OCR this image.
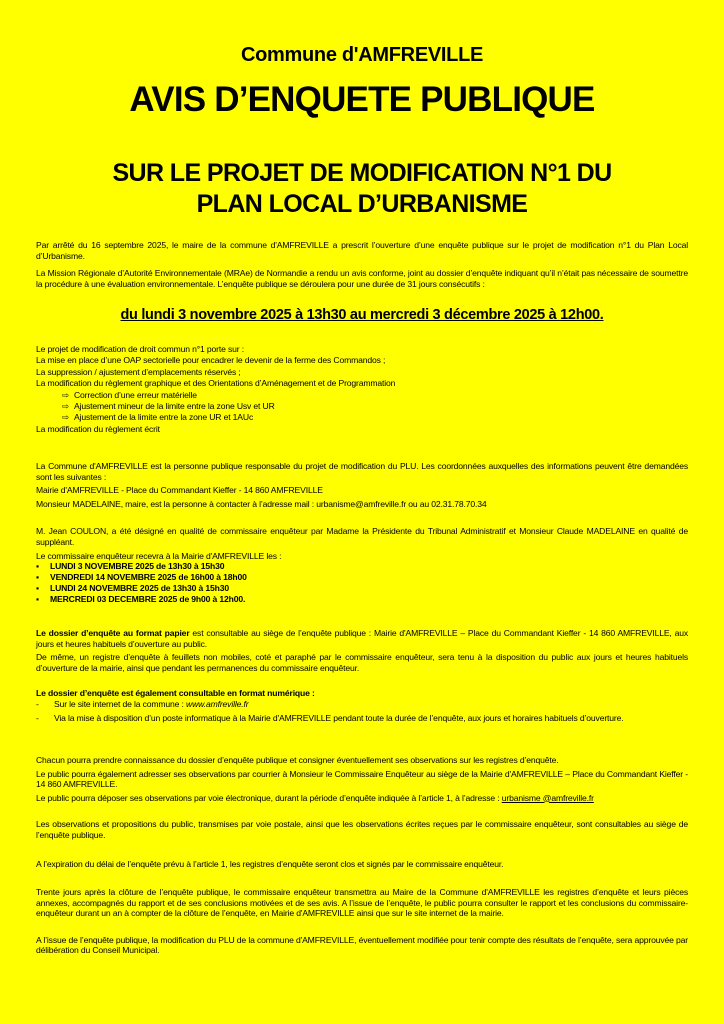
Commune d'AMFREVILLE
AVIS D’ENQUETE PUBLIQUE
SUR LE PROJET DE MODIFICATION N°1 DU
PLAN LOCAL D’URBANISME

Par arrêté du 16 septembre 2025, le maire de la commune d'AMFREVILLE a prescrit l’ouverture d’une enquête publique sur le projet de modification n°1 du Plan Local d’Urbanisme.

La Mission Régionale d’Autorité Environnementale (MRAe) de Normandie a rendu un avis conforme, joint au dossier d’enquête indiquant qu’il n’était pas nécessaire de soumettre la procédure à une évaluation environnementale. L’enquête publique se déroulera pour une durée de 31 jours consécutifs :

du lundi 3 novembre 2025 à 13h30 au mercredi 3 décembre 2025 à 12h00.

Le projet de modification de droit commun n°1 porte sur :

La mise en place d’une OAP sectorielle pour encadrer le devenir de la ferme des Commandos ;

La suppression / ajustement d’emplacements réservés ;

La modification du règlement graphique et des Orientations d’Aménagement et de Programmation

⇨ Correction d’une erreur matérielle

⇨ Ajustement mineur de la limite entre la zone Usv et UR

⇨ Ajustement de la limite entre la zone UR et 1AUc

La modification du règlement écrit

La Commune d'AMFREVILLE est la personne publique responsable du projet de modification du PLU. Les coordonnées auxquelles des informations peuvent être demandées sont les suivantes :

Mairie d'AMFREVILLE - Place du Commandant Kieffer - 14 860 AMFREVILLE

Monsieur MADELAINE, maire, est la personne à contacter à l’adresse mail : urbanisme@amfreville.fr ou au 02.31.78.70.34

M. Jean COULON, a été désigné en qualité de commissaire enquêteur par Madame la Présidente du Tribunal Administratif et Monsieur Claude MADELAINE en qualité de suppléant.

Le commissaire enquêteur recevra à la Mairie d'AMFREVILLE les :

▪ LUNDI 3 NOVEMBRE 2025 de 13h30 à 15h30
▪ VENDREDI 14 NOVEMBRE 2025 de 16h00 à 18h00
▪ LUNDI 24 NOVEMBRE 2025 de 13h30 à 15h30
▪ MERCREDI 03 DECEMBRE 2025 de 9h00 à 12h00.

Le dossier d’enquête au format papier est consultable au siège de l’enquête publique : Mairie d'AMFREVILLE – Place du Commandant Kieffer - 14 860 AMFREVILLE, aux jours et heures habituels d’ouverture au public.

De même, un registre d’enquête à feuillets non mobiles, coté et paraphé par le commissaire enquêteur, sera tenu à la disposition du public aux jours et heures habituels d’ouverture de la mairie, ainsi que pendant les permanences du commissaire enquêteur.

Le dossier d’enquête est également consultable en format numérique :

- Sur le site internet de la commune : www.amfreville.fr
- Via la mise à disposition d’un poste informatique à la Mairie d'AMFREVILLE pendant toute la durée de l’enquête, aux jours et horaires habituels d’ouverture.

Chacun pourra prendre connaissance du dossier d’enquête publique et consigner éventuellement ses observations sur les registres d’enquête.

Le public pourra également adresser ses observations par courrier à Monsieur le Commissaire Enquêteur au siège de la Mairie d'AMFREVILLE – Place du Commandant Kieffer - 14 860 AMFREVILLE.

Le public pourra déposer ses observations par voie électronique, durant la période d’enquête indiquée à l’article 1, à l’adresse : urbanisme @amfreville.fr

Les observations et propositions du public, transmises par voie postale, ainsi que les observations écrites reçues par le commissaire enquêteur, sont consultables au siège de l’enquête publique.

A l’expiration du délai de l’enquête prévu à l’article 1, les registres d’enquête seront clos et signés par le commissaire enquêteur.

Trente jours après la clôture de l’enquête publique, le commissaire enquêteur transmettra au Maire de la Commune d'AMFREVILLE les registres d’enquête et leurs pièces annexes, accompagnés du rapport et de ses conclusions motivées et de ses avis. A l’issue de l’enquête, le public pourra consulter le rapport et les conclusions du commissaire-enquêteur durant un an à compter de la clôture de l’enquête, en Mairie d'AMFREVILLE ainsi que sur le site internet de la mairie.

A l’issue de l’enquête publique, la modification du PLU de la commune d'AMFREVILLE, éventuellement modifiée pour tenir compte des résultats de l’enquête, sera approuvée par délibération du Conseil Municipal.
